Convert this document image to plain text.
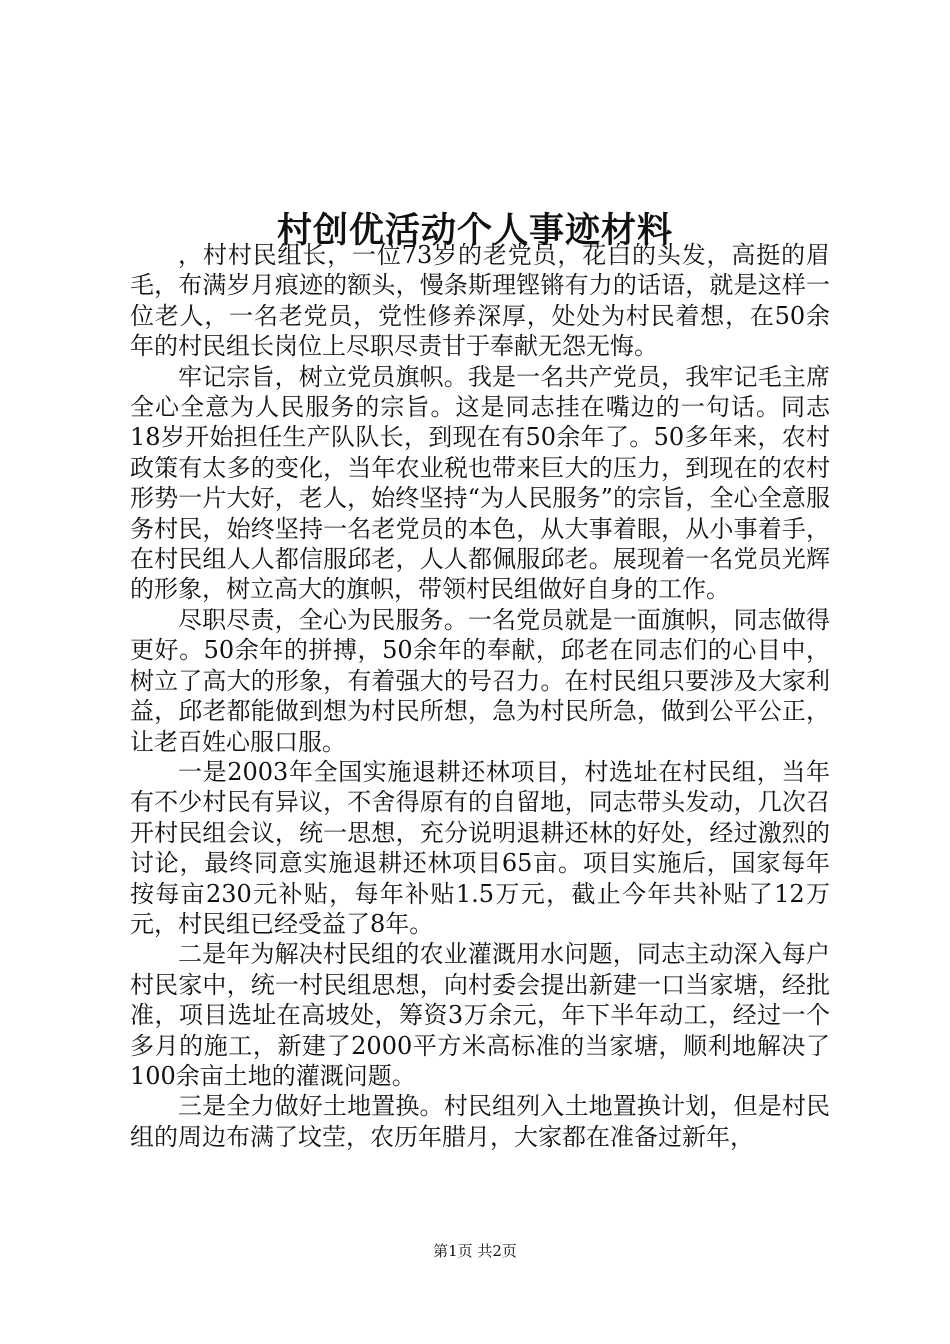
村创优活动个人事迹材料

，村村民组长，一位73岁的老党员，花白的头发，高挺的眉毛，布满岁月痕迹的额头，慢条斯理铿锵有力的话语，就是这样一位老人，一名老党员，党性修养深厚，处处为村民着想，在50余年的村民组长岗位上尽职尽责甘于奉献无怨无悔。

牢记宗旨，树立党员旗帜。我是一名共产党员，我牢记毛主席全心全意为人民服务的宗旨。这是同志挂在嘴边的一句话。同志18岁开始担任生产队队长，到现在有50余年了。50多年来，农村政策有太多的变化，当年农业税也带来巨大的压力，到现在的农村形势一片大好，老人，始终坚持“为人民服务”的宗旨，全心全意服务村民，始终坚持一名老党员的本色，从大事着眼，从小事着手，在村民组人人都信服邱老，人人都佩服邱老。展现着一名党员光辉的形象，树立高大的旗帜，带领村民组做好自身的工作。

尽职尽责，全心为民服务。一名党员就是一面旗帜，同志做得更好。50余年的拼搏，50余年的奉献，邱老在同志们的心目中，树立了高大的形象，有着强大的号召力。在村民组只要涉及大家利益，邱老都能做到想为村民所想，急为村民所急，做到公平公正，让老百姓心服口服。

一是2003年全国实施退耕还林项目，村选址在村民组，当年有不少村民有异议，不舍得原有的自留地，同志带头发动，几次召开村民组会议，统一思想，充分说明退耕还林的好处，经过激烈的讨论，最终同意实施退耕还林项目65亩。项目实施后，国家每年按每亩230元补贴，每年补贴1.5万元，截止今年共补贴了12万元，村民组已经受益了8年。

二是年为解决村民组的农业灌溉用水问题，同志主动深入每户村民家中，统一村民组思想，向村委会提出新建一口当家塘，经批准，项目选址在高坡处，筹资3万余元，年下半年动工，经过一个多月的施工，新建了2000平方米高标准的当家塘，顺利地解决了100余亩土地的灌溉问题。

三是全力做好土地置换。村民组列入土地置换计划，但是村民组的周边布满了坟茔，农历年腊月，大家都在准备过新年，

第1页 共2页
